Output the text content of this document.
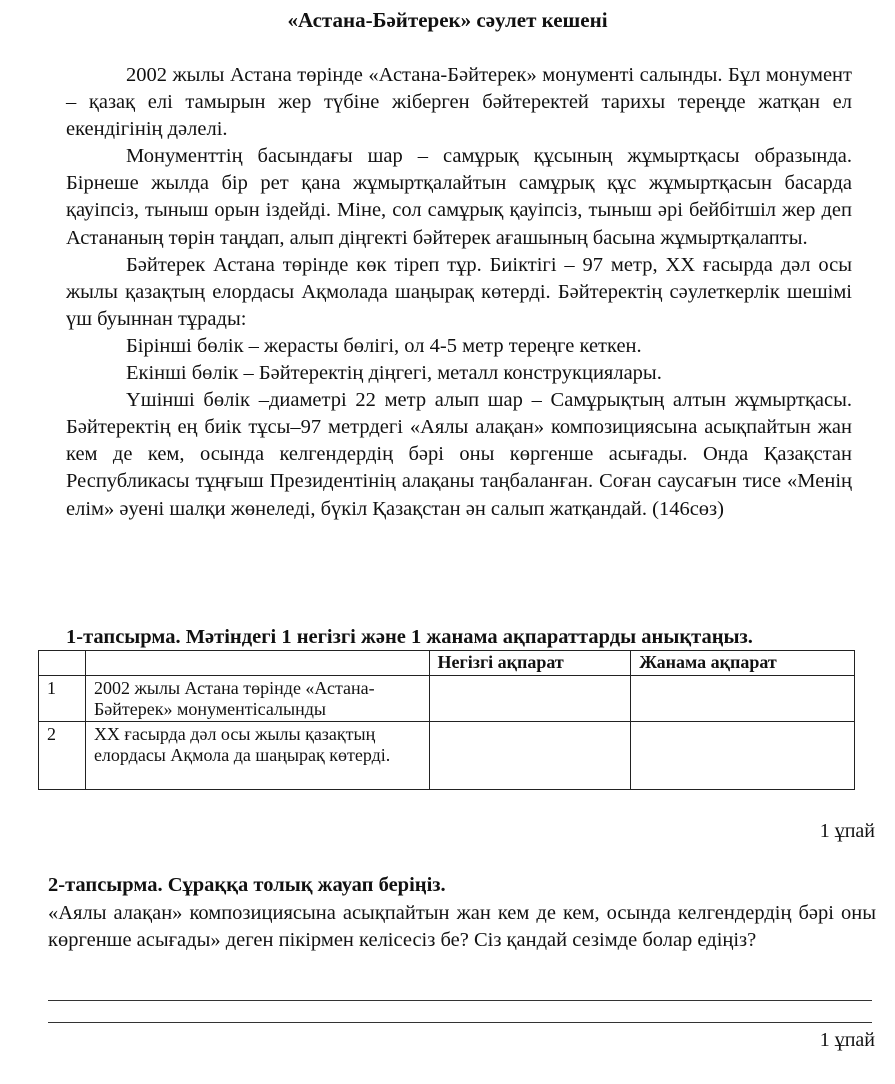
«Астана-Бәйтерек» сәулет кешені

2002 жылы Астана төрінде «Астана-Бәйтерек» монументі салынды. Бұл монумент – қазақ елі тамырын жер түбіне жіберген бәйтеректей тарихы тереңде жатқан ел екендігінің дәлелі.

Монументтің басындағы шар – самұрық құсының жұмыртқасы образында. Бірнеше жылда бір рет қана жұмыртқалайтын самұрық құс жұмыртқасын басарда қауіпсіз, тыныш орын іздейді. Міне, сол самұрық қауіпсіз, тыныш әрі бейбітшіл жер деп Астананың төрін таңдап, алып діңгекті бәйтерек ағашының басына жұмыртқалапты.

Бәйтерек Астана төрінде көк тіреп тұр. Биіктігі – 97 метр, ХХ ғасырда дәл осы жылы қазақтың елордасы Ақмолада шаңырақ көтерді. Бәйтеректің сәулеткерлік шешімі үш буыннан тұрады:

Бірінші бөлік – жерасты бөлігі, ол 4-5 метр тереңге кеткен.

Екінші бөлік – Бәйтеректің діңгегі, металл конструкциялары.

Үшінші бөлік –диаметрі 22 метр алып шар – Самұрықтың алтын жұмыртқасы. Бәйтеректің ең биік тұсы–97 метрдегі «Аялы алақан» композициясына асықпайтын жан кем де кем, осында келгендердің бәрі оны көргенше асығады. Онда Қазақстан Республикасы тұңғыш Президентінің алақаны таңбаланған. Соған саусағын тисе «Менің елім» әуені шалқи жөнеледі, бүкіл Қазақстан ән салып жатқандай. (146сөз)

1-тапсырма. Мәтіндегі 1 негізгі және 1 жанама ақпараттарды анықтаңыз.
		Негізгі ақпарат	Жанама ақпарат
1	2002 жылы Астана төрінде «Астана-Бәйтерек» монументісалынды		
2	ХХ ғасырда дәл осы жылы қазақтың елордасы Ақмола да шаңырақ көтерді.		
1 ұпай
2-тапсырма. Сұраққа толық жауап беріңіз.
«Аялы алақан» композициясына асықпайтын жан кем де кем, осында келгендердің бәрі оны көргенше асығады» деген пікірмен келісесіз бе? Сіз қандай сезімде болар едіңіз?
1 ұпай
